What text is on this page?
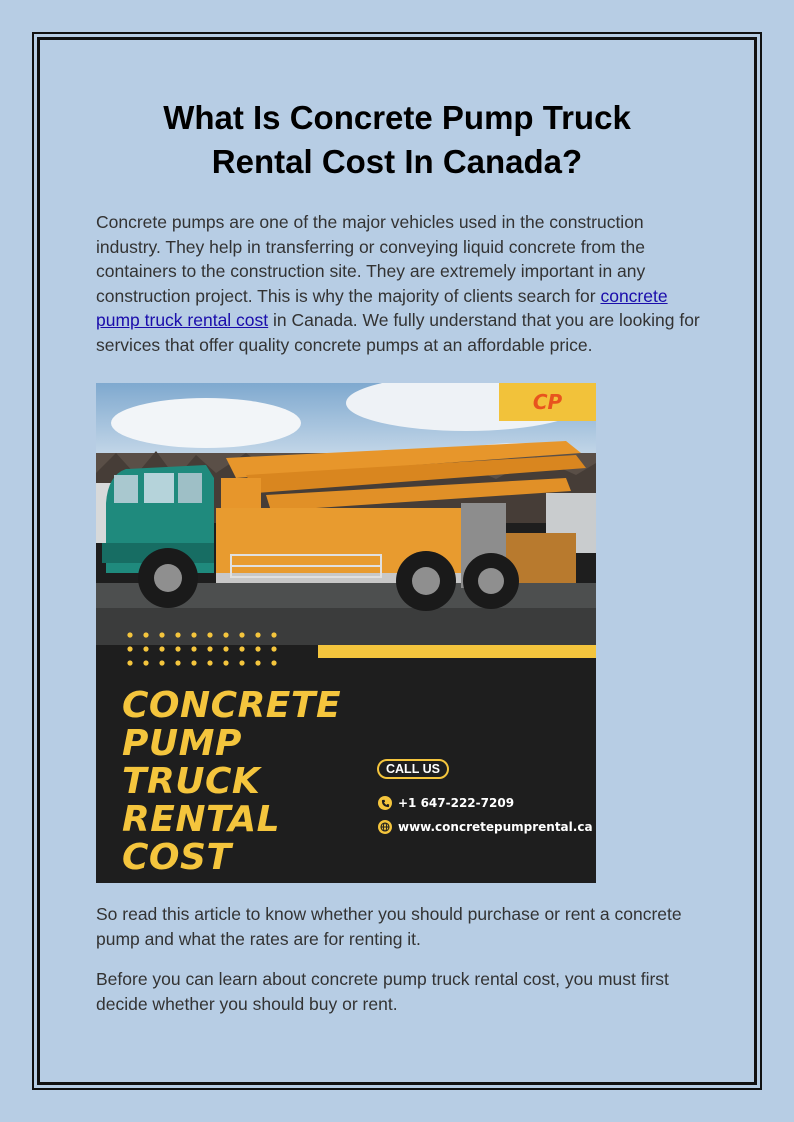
What Is Concrete Pump Truck
Rental Cost In Canada?

Concrete pumps are one of the major vehicles used in the construction industry. They help in transferring or conveying liquid concrete from the containers to the construction site. They are extremely important in any construction project. This is why the majority of clients search for concrete pump truck rental cost in Canada. We fully understand that you are looking for services that offer quality concrete pumps at an affordable price.

CP
CONCRETE
PUMP
TRUCK
RENTAL
COST
CALL US
+1 647-222-7209
www.concretepumprental.ca

So read this article to know whether you should purchase or rent a concrete pump and what the rates are for renting it.

Before you can learn about concrete pump truck rental cost, you must first decide whether you should buy or rent.
